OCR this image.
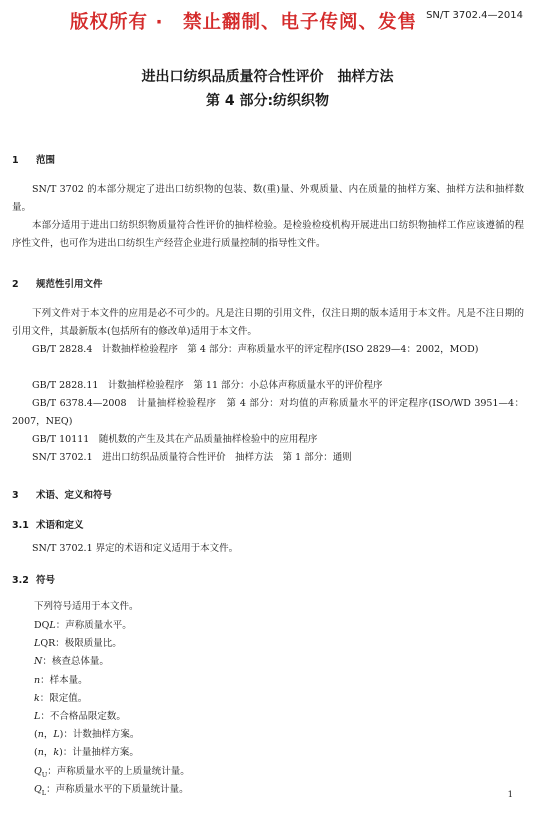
版权所有 ·　禁止翻制、电子传阅、发售 SN/T 3702.4—2014
进出口纺织品质量符合性评价　抽样方法
第 4 部分:纺织织物
1 范围
SN/T 3702 的本部分规定了进出口纺织物的包装、数(重)量、外观质量、内在质量的抽样方案、抽样方法和抽样数量。
本部分适用于进出口纺织织物质量符合性评价的抽样检验。是检验检疫机构开展进出口纺织物抽样工作应该遵循的程序性文件，也可作为进出口纺织生产经营企业进行质量控制的指导性文件。
2 规范性引用文件
下列文件对于本文件的应用是必不可少的。凡是注日期的引用文件，仅注日期的版本适用于本文件。凡是不注日期的引用文件，其最新版本(包括所有的修改单)适用于本文件。
GB/T 2828.4　计数抽样检验程序　第 4 部分：声称质量水平的评定程序(ISO 2829—4：2002，MOD)
GB/T 2828.11　计数抽样检验程序　第 11 部分：小总体声称质量水平的评价程序
GB/T 6378.4—2008　计量抽样检验程序　第 4 部分：对均值的声称质量水平的评定程序(ISO/WD 3951—4：2007，NEQ)
GB/T 10111　随机数的产生及其在产品质量抽样检验中的应用程序
SN/T 3702.1　进出口纺织品质量符合性评价　抽样方法　第 1 部分：通则
3 术语、定义和符号
3.1 术语和定义
SN/T 3702.1 界定的术语和定义适用于本文件。
3.2 符号
下列符号适用于本文件。
DQL：声称质量水平。
LQR：极限质量比。
N：核查总体量。
n：样本量。
k：限定值。
L：不合格品限定数。
(n，L)：计数抽样方案。
(n，k)：计量抽样方案。
$Q_U$：声称质量水平的上质量统计量。
$Q_L$：声称质量水平的下质量统计量。
1
